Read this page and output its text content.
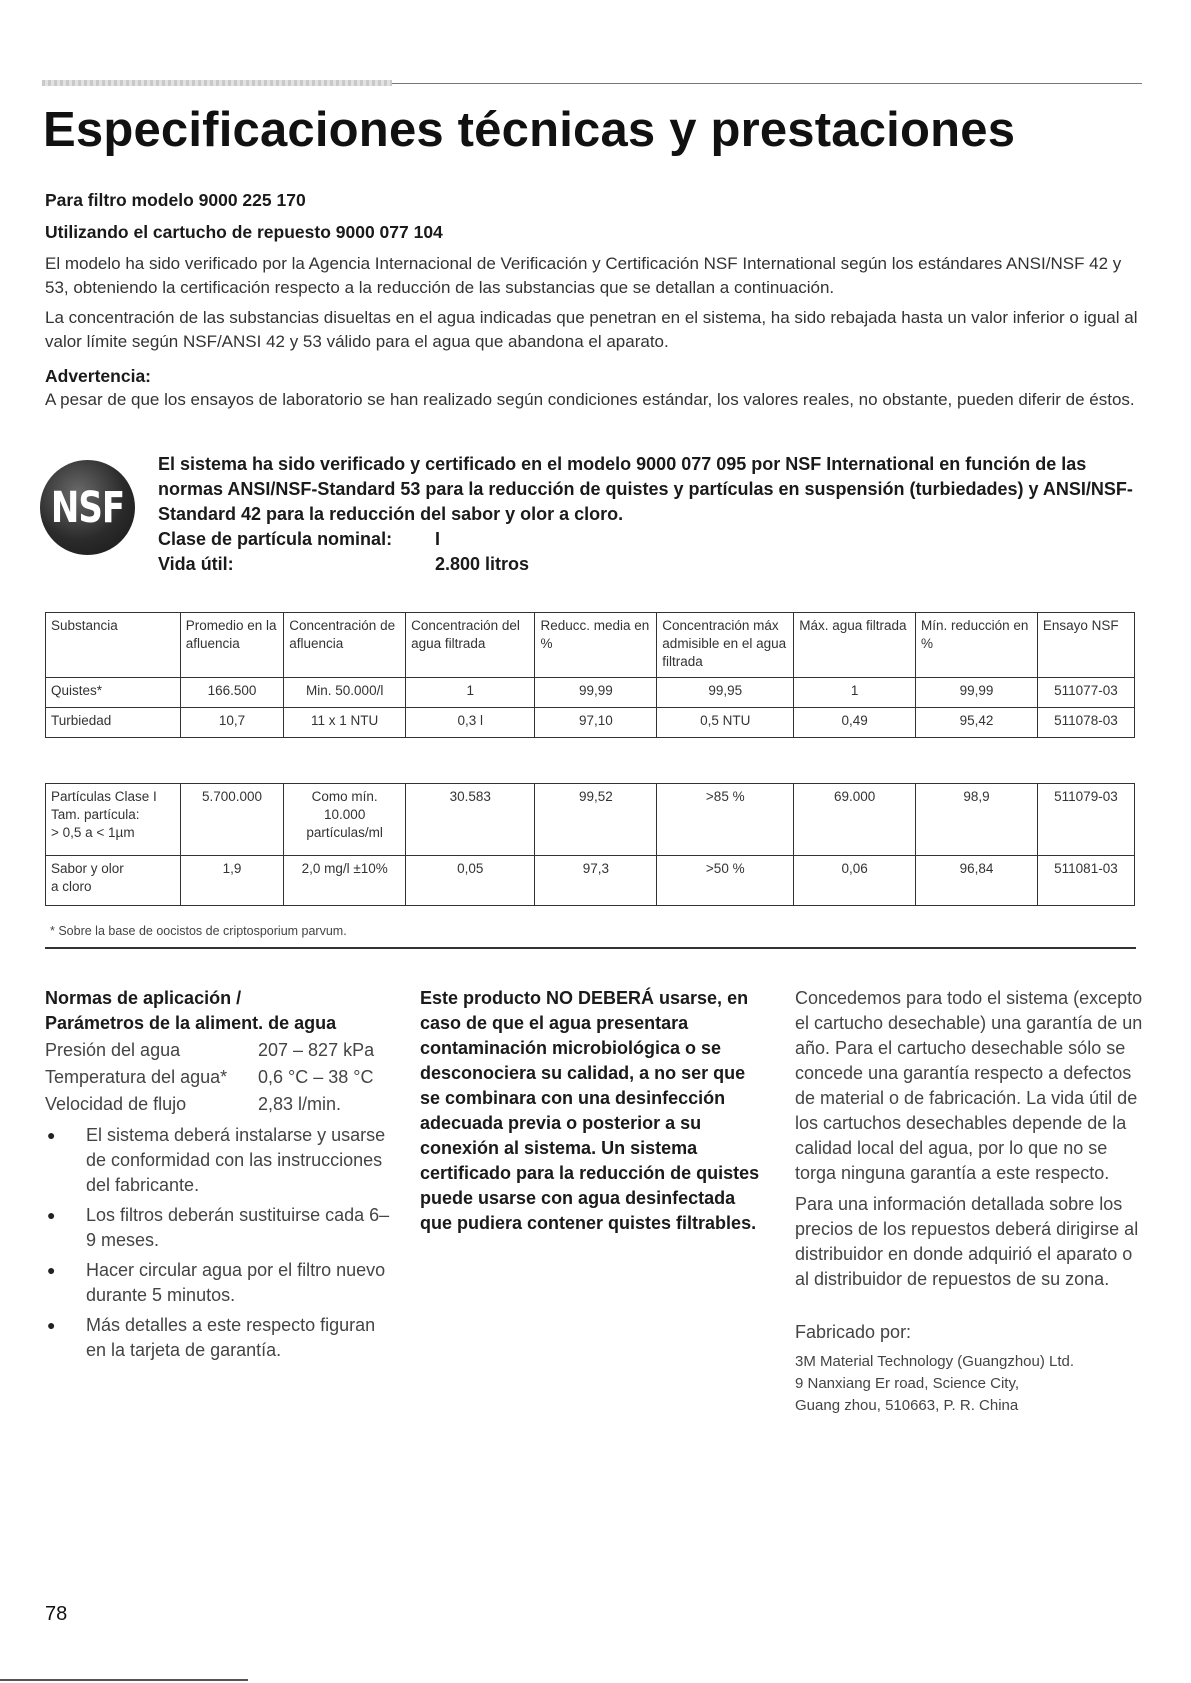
Especificaciones técnicas y prestaciones
Para filtro modelo 9000 225 170
Utilizando el cartucho de repuesto 9000 077 104

El modelo ha sido verificado por la Agencia Internacional de Verificación y Certificación NSF International según los estándares ANSI/NSF 42 y 53, obteniendo la certificación respecto a la reducción de las substancias que se detallan a continuación.

La concentración de las substancias disueltas en el agua indicadas que penetran en el sistema, ha sido rebajada hasta un valor inferior o igual al valor límite según NSF/ANSI 42 y 53 válido para el agua que abandona el aparato.

Advertencia:

A pesar de que los ensayos de laboratorio se han realizado según condiciones estándar, los valores reales, no obstante, pueden diferir de éstos.

NSF
El sistema ha sido verificado y certificado en el modelo 9000 077 095 por NSF International en función de las normas ANSI/NSF-Standard 53 para la reducción de quistes y partículas en suspensión (turbiedades) y ANSI/NSF-Standard 42 para la reducción del sabor y olor a cloro.
Clase de partícula nominal:	I
Vida útil:	2.800 litros
Substancia	Promedio en la afluencia	Concentración de afluencia	Concentración del agua filtrada	Reducc. media en %	Concentración máx admisible en el agua filtrada	Máx. agua filtrada	Mín. reducción en %	Ensayo NSF
Quistes*	166.500	Min. 50.000/l	1	99,99	99,95	1	99,99	511077-03
Turbiedad	10,7	11 x 1 NTU	0,3 l	97,10	0,5 NTU	0,49	95,42	511078-03
Partículas Clase I
Tam. partícula:
> 0,5 a < 1µm	5.700.000	Como mín.
10.000
partículas/ml	30.583	99,52	>85 %	69.000	98,9	511079-03
Sabor y olor
a cloro	1,9	2,0 mg/l ±10%	0,05	97,3	>50 %	0,06	96,84	511081-03
* Sobre la base de oocistos de criptosporium parvum.
Normas de aplicación /
Parámetros de la aliment. de agua
Presión del agua	207 – 827 kPa
Temperatura del agua*	0,6 °C – 38 °C
Velocidad de flujo	2,83 l/min.
● El sistema deberá instalarse y usarse de conformidad con las instrucciones del fabricante.
● Los filtros deberán sustituirse cada 6–9 meses.
● Hacer circular agua por el filtro nuevo durante 5 minutos.
● Más detalles a este respecto figuran en la tarjeta de garantía.
Este producto NO DEBERÁ usarse, en caso de que el agua presentara contaminación microbiológica o se desconociera su calidad, a no ser que se combinara con una desinfección adecuada previa o posterior a su conexión al sistema. Un sistema certificado para la reducción de quistes puede usarse con agua desinfectada que pudiera contener quistes filtrables.

Concedemos para todo el sistema (excepto el cartucho desechable) una garantía de un año. Para el cartucho desechable sólo se concede una garantía respecto a defectos de material o de fabricación. La vida útil de los cartuchos desechables depende de la calidad local del agua, por lo que no se torga ninguna garantía a este respecto.

Para una información detallada sobre los precios de los repuestos deberá dirigirse al distribuidor en donde adquirió el aparato o al distribuidor de repuestos de su zona.

Fabricado por:

3M Material Technology (Guangzhou) Ltd.
9 Nanxiang Er road, Science City,
Guang zhou, 510663, P. R. China
78
